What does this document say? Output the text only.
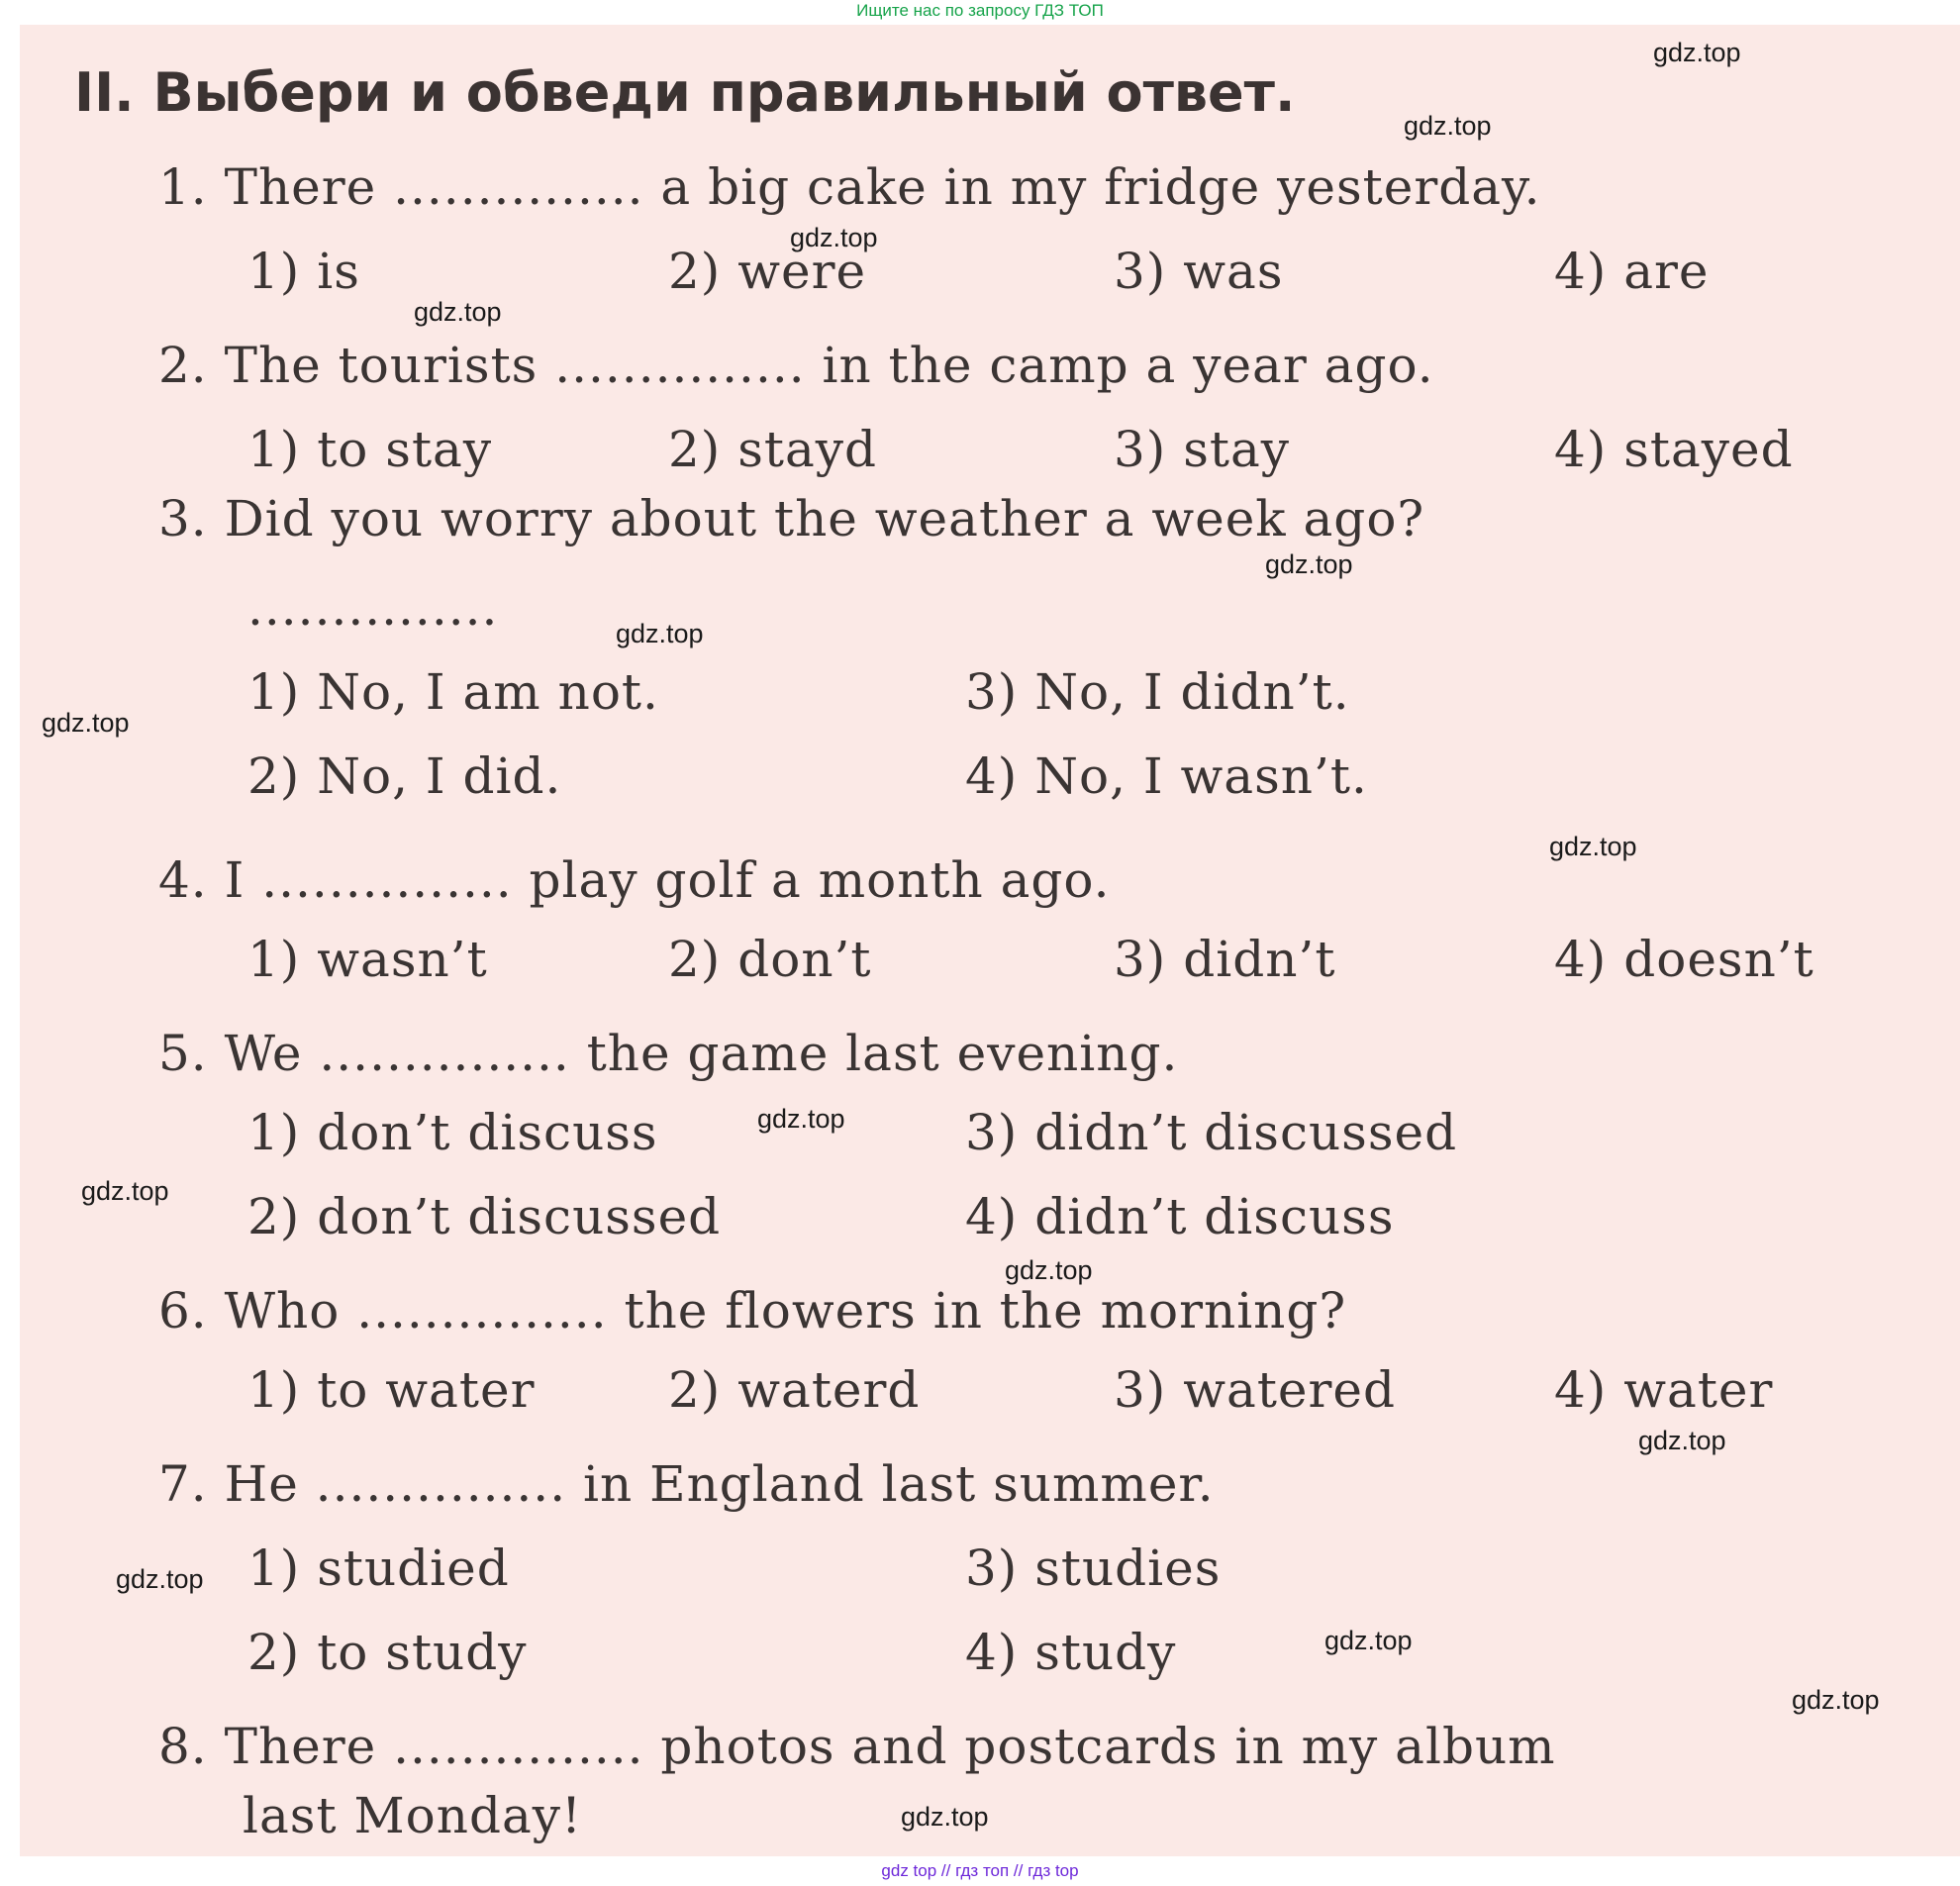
Ищите нас по запросу ГДЗ ТОП
II. Выбери и обведи правильный ответ.
1. There ............... a big cake in my fridge yesterday.
1) is	2) were	3) was	4) are
2. The tourists ............... in the camp a year ago.
1) to stay	2) stayd	3) stay	4) stayed
3. Did you worry about the weather a week ago?
...............
1) No, I am not.	3) No, I didn’t.
2) No, I did.	4) No, I wasn’t.
4. I ............... play golf a month ago.
1) wasn’t	2) don’t	3) didn’t	4) doesn’t
5. We ............... the game last evening.
1) don’t discuss	3) didn’t discussed
2) don’t discussed	4) didn’t discuss
6. Who ............... the flowers in the morning?
1) to water	2) waterd	3) watered	4) water
7. He ............... in England last summer.
1) studied	3) studies
2) to study	4) study
8. There ............... photos and postcards in my album
last Monday!
gdz.top
gdz.top
gdz.top
gdz.top
gdz.top
gdz.top
gdz.top
gdz.top
gdz.top
gdz.top
gdz.top
gdz.top
gdz.top
gdz.top
gdz.top
gdz.top
gdz top // гдз топ // гдз top
